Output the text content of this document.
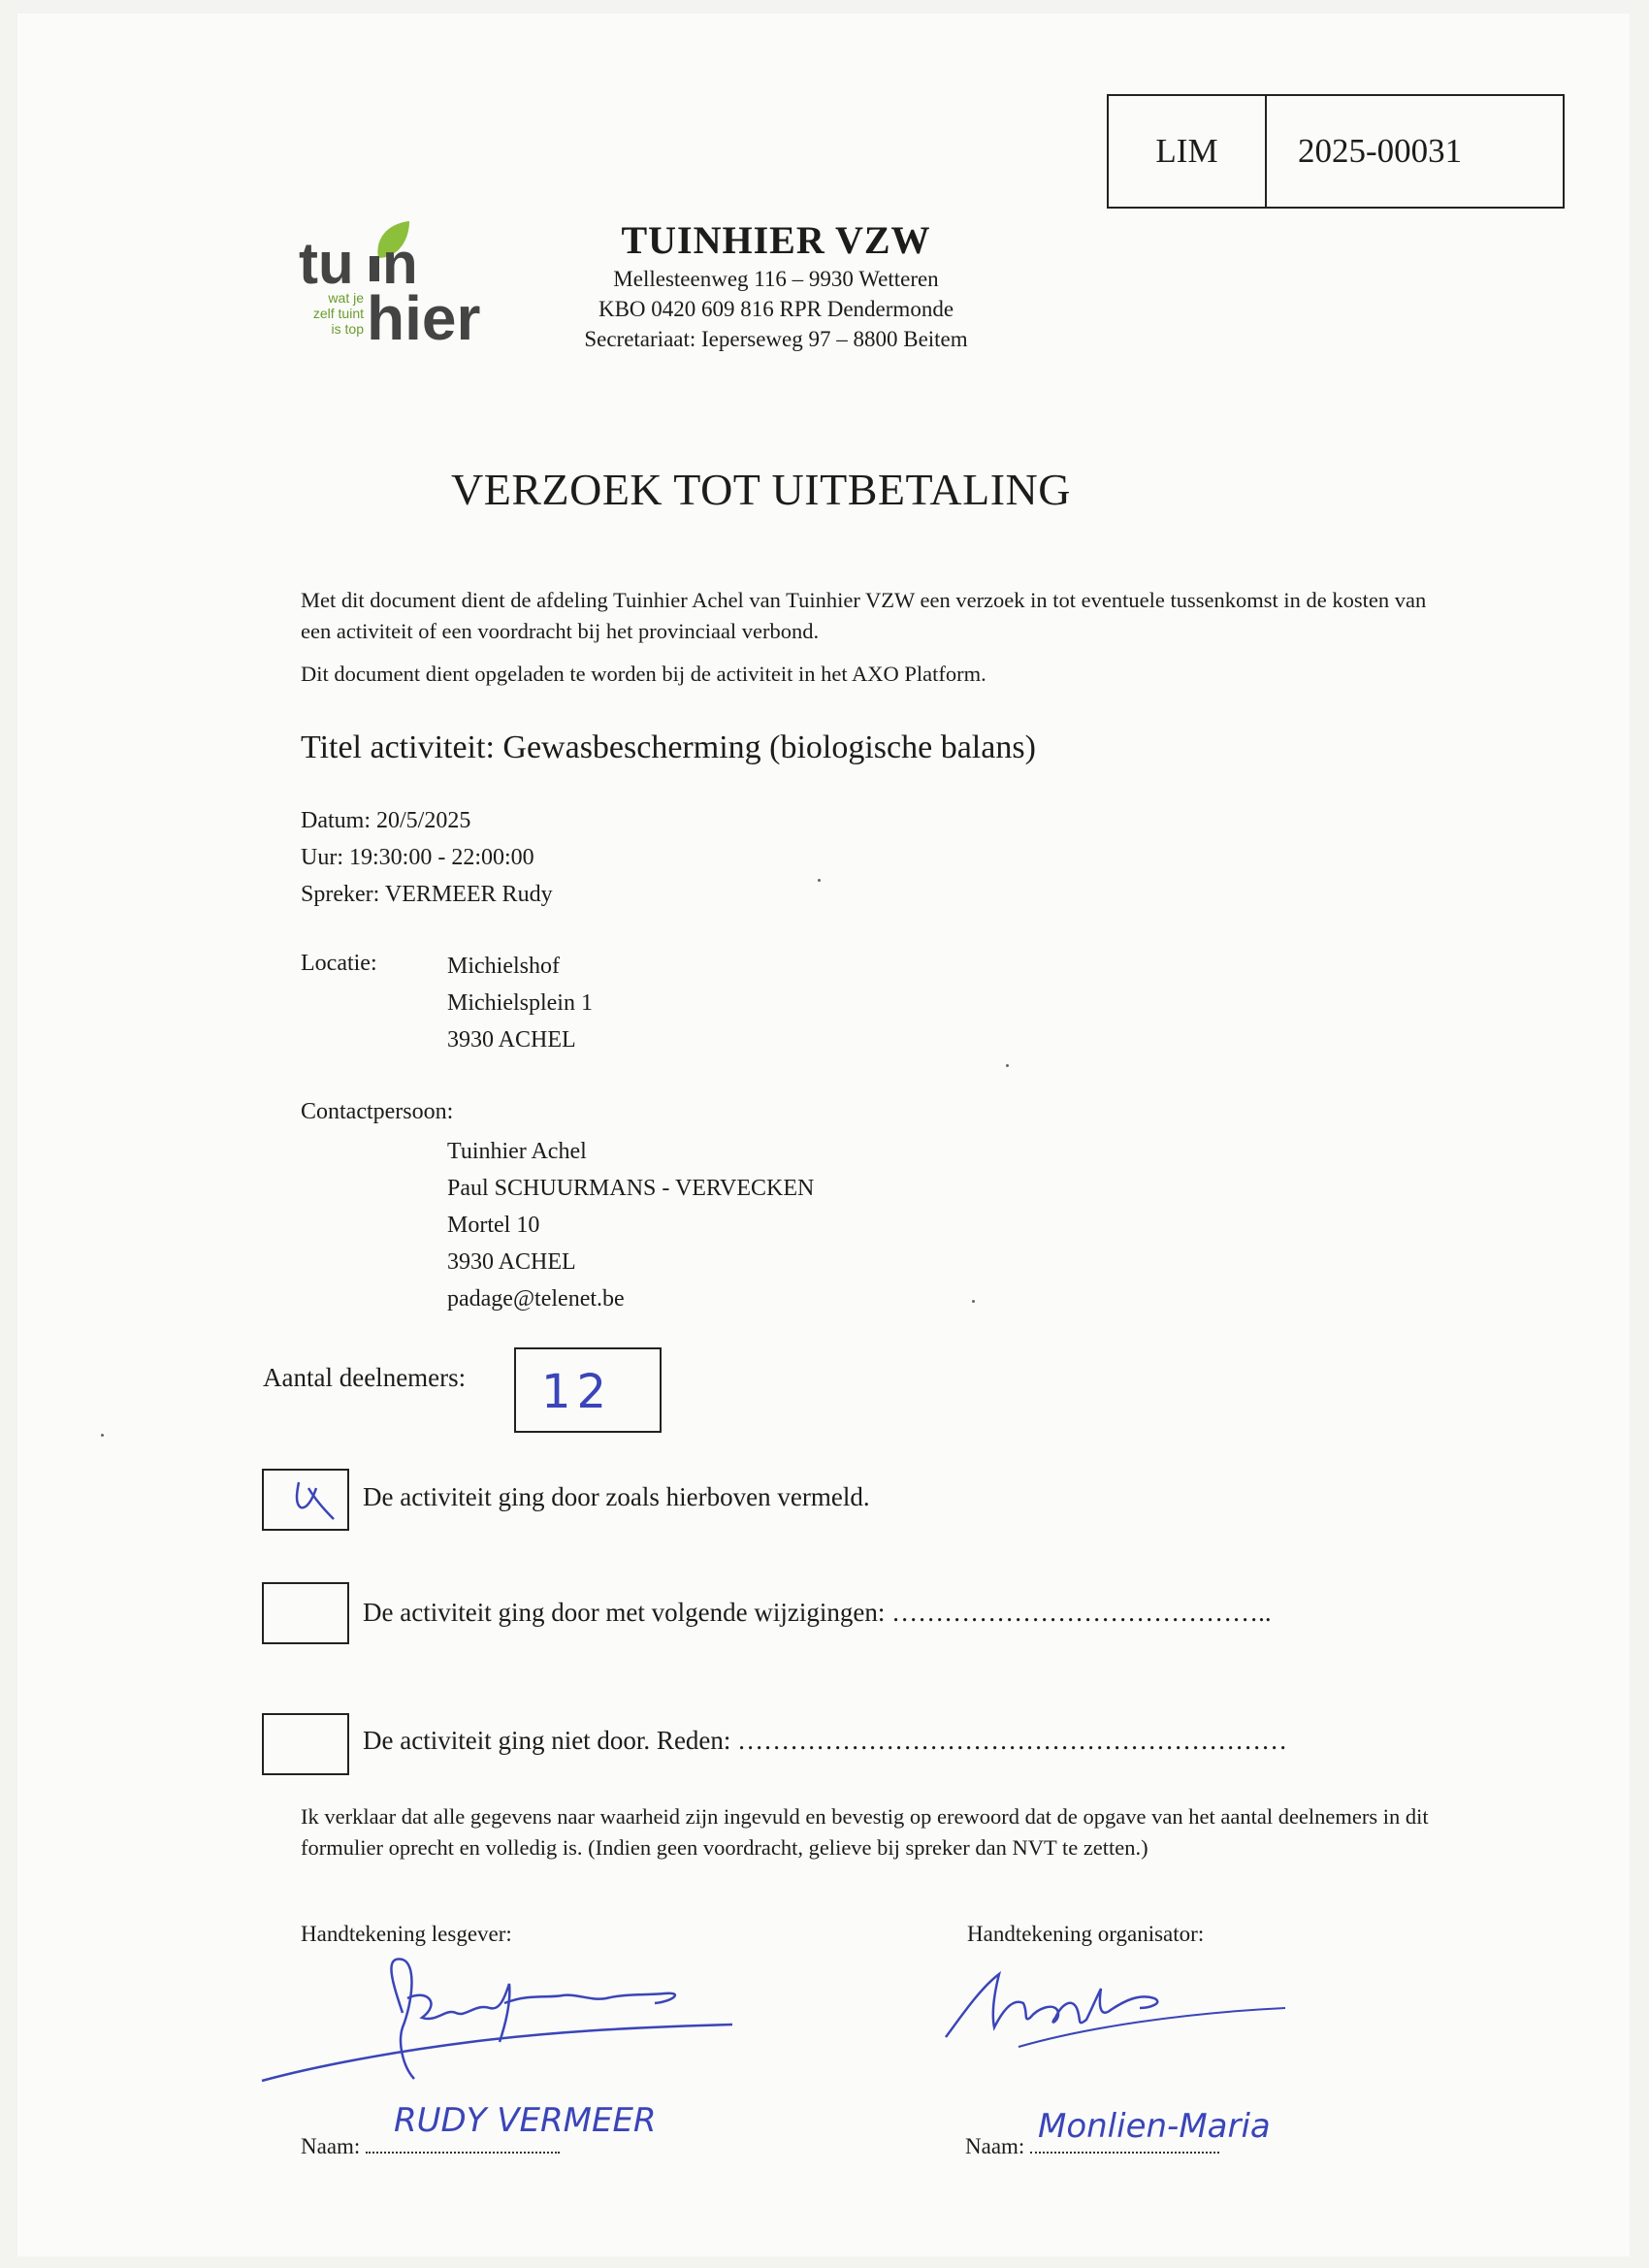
LIM	2025-00031
tu n
hier
wat je
zelf tuint
is top
TUINHIER VZW
Mellesteenweg 116 – 9930 Wetteren
KBO 0420 609 816 RPR Dendermonde
Secretariaat: Ieperseweg 97 – 8800 Beitem
VERZOEK TOT UITBETALING

Met dit document dient de afdeling Tuinhier Achel van Tuinhier VZW een verzoek in tot eventuele tussenkomst in de kosten van een activiteit of een voordracht bij het provinciaal verbond.

Dit document dient opgeladen te worden bij de activiteit in het AXO Platform.

Titel activiteit: Gewasbescherming (biologische balans)
Datum: 20/5/2025
Uur: 19:30:00 - 22:00:00
Spreker: VERMEER Rudy
Locatie:	Michielshof
Michielsplein 1
3930 ACHEL
Contactpersoon:
Tuinhier Achel
Paul SCHUURMANS - VERVECKEN
Mortel 10
3930 ACHEL
padage@telenet.be
Aantal deelnemers: 12
De activiteit ging door zoals hierboven vermeld.
De activiteit ging door met volgende wijzigingen: ……………………………………..
De activiteit ging niet door. Reden: ………………………………………………………
Ik verklaar dat alle gegevens naar waarheid zijn ingevuld en bevestig op erewoord dat de opgave van het aantal deelnemers in dit formulier oprecht en volledig is. (Indien geen voordracht, gelieve bij spreker dan NVT te zetten.)
Handtekening lesgever:	Handtekening organisator:
Naam:
RUDY VERMEER
Naam:
Monlien-Maria
